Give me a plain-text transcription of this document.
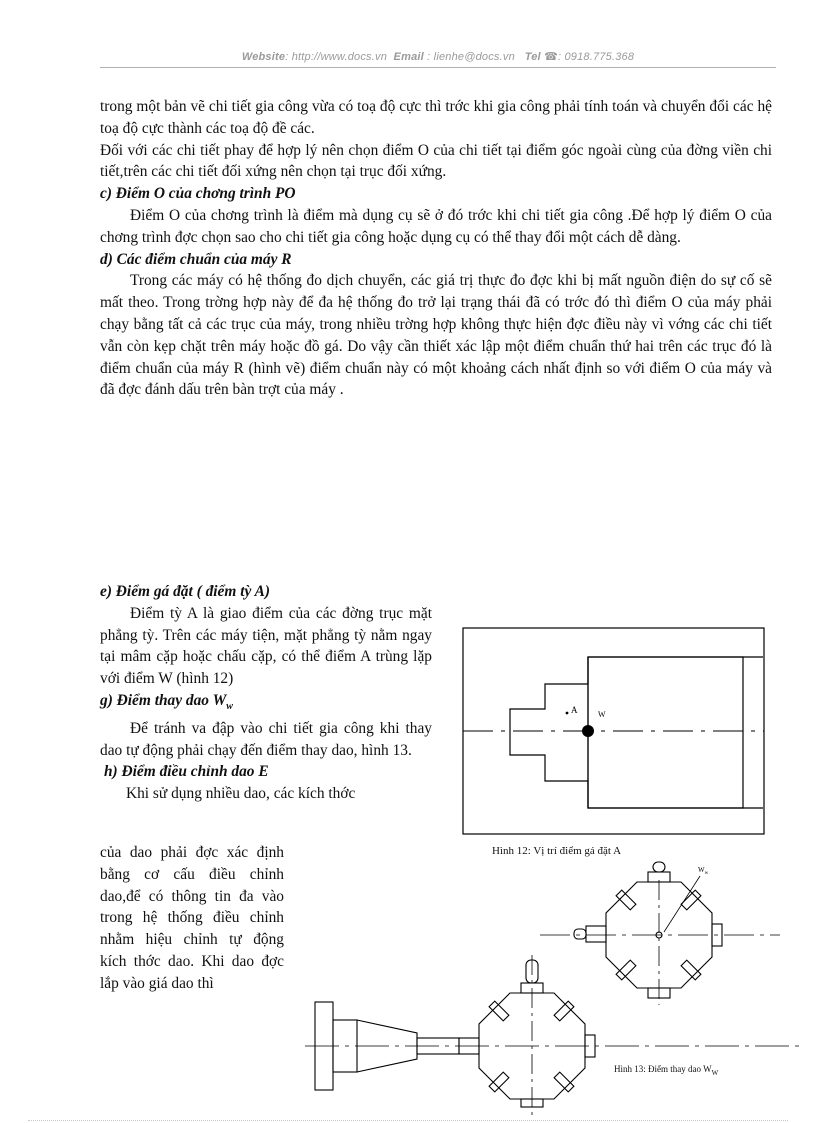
Website: http://www.docs.vn Email : lienhe@docs.vn Tel ☎: 0918.775.368

trong một bản vẽ chi tiết gia công vừa có toạ độ cực thì trớc khi gia công phải tính toán và chuyển đổi các hệ toạ độ cực thành các toạ độ đề các.

Đối với các chi tiết phay để hợp lý nên chọn điểm O của chi tiết tại điểm góc ngoài cùng của đờng viền chi tiết,trên các chi tiết đối xứng nên chọn tại trục đối xứng.

c) Điểm O của chơng trình PO

Điểm O của chơng trình là điểm mà dụng cụ sẽ ở đó trớc khi chi tiết gia công .Để hợp lý điểm O của chơng trình đợc chọn sao cho chi tiết gia công hoặc dụng cụ có thể thay đổi một cách dễ dàng.

d) Các điểm chuẩn của máy R

Trong các máy có hệ thống đo dịch chuyển, các giá trị thực đo đợc khi bị mất nguồn điện do sự cố sẽ mất theo. Trong trờng hợp này để đa hệ thống đo trở lại trạng thái đã có trớc đó thì điểm O của máy phải chạy bằng tất cả các trục của máy, trong nhiều trờng hợp không thực hiện đợc điều này vì vớng các chi tiết vẫn còn kẹp chặt trên máy hoặc đồ gá. Do vậy cần thiết xác lập một điểm chuẩn thứ hai trên các trục đó là điểm chuẩn của máy R (hình vẽ) điểm chuẩn này có một khoảng cách nhất định so với điểm O của máy và đã đợc đánh dấu trên bàn trợt của máy .

e) Điểm gá đặt ( điểm tỳ A)

Điểm tỳ A là giao điểm của các đờng trục mặt phẳng tỳ. Trên các máy tiện, mặt phẳng tỳ nằm ngay tại mâm cặp hoặc chấu cặp, có thể điểm A trùng lặp với điểm W (hình 12)

g) Điểm thay dao $W_w$

Để tránh va đập vào chi tiết gia công khi thay dao tự động phải chạy đến điểm thay dao, hình 13.

h) Điểm điều chỉnh dao E

Khi sử dụng nhiều dao, các kích thớc

của dao phải đợc xác định bằng cơ cấu điều chỉnh dao,để có thông tin đa vào trong hệ thống điều chỉnh nhằm hiệu chỉnh tự động kích thớc dao. Khi dao đợc lắp vào giá dao thì

A	W
Hình 12: Vị trí điểm gá đặt A
$W_w$
Hình 13: Điểm thay dao $W_W$
